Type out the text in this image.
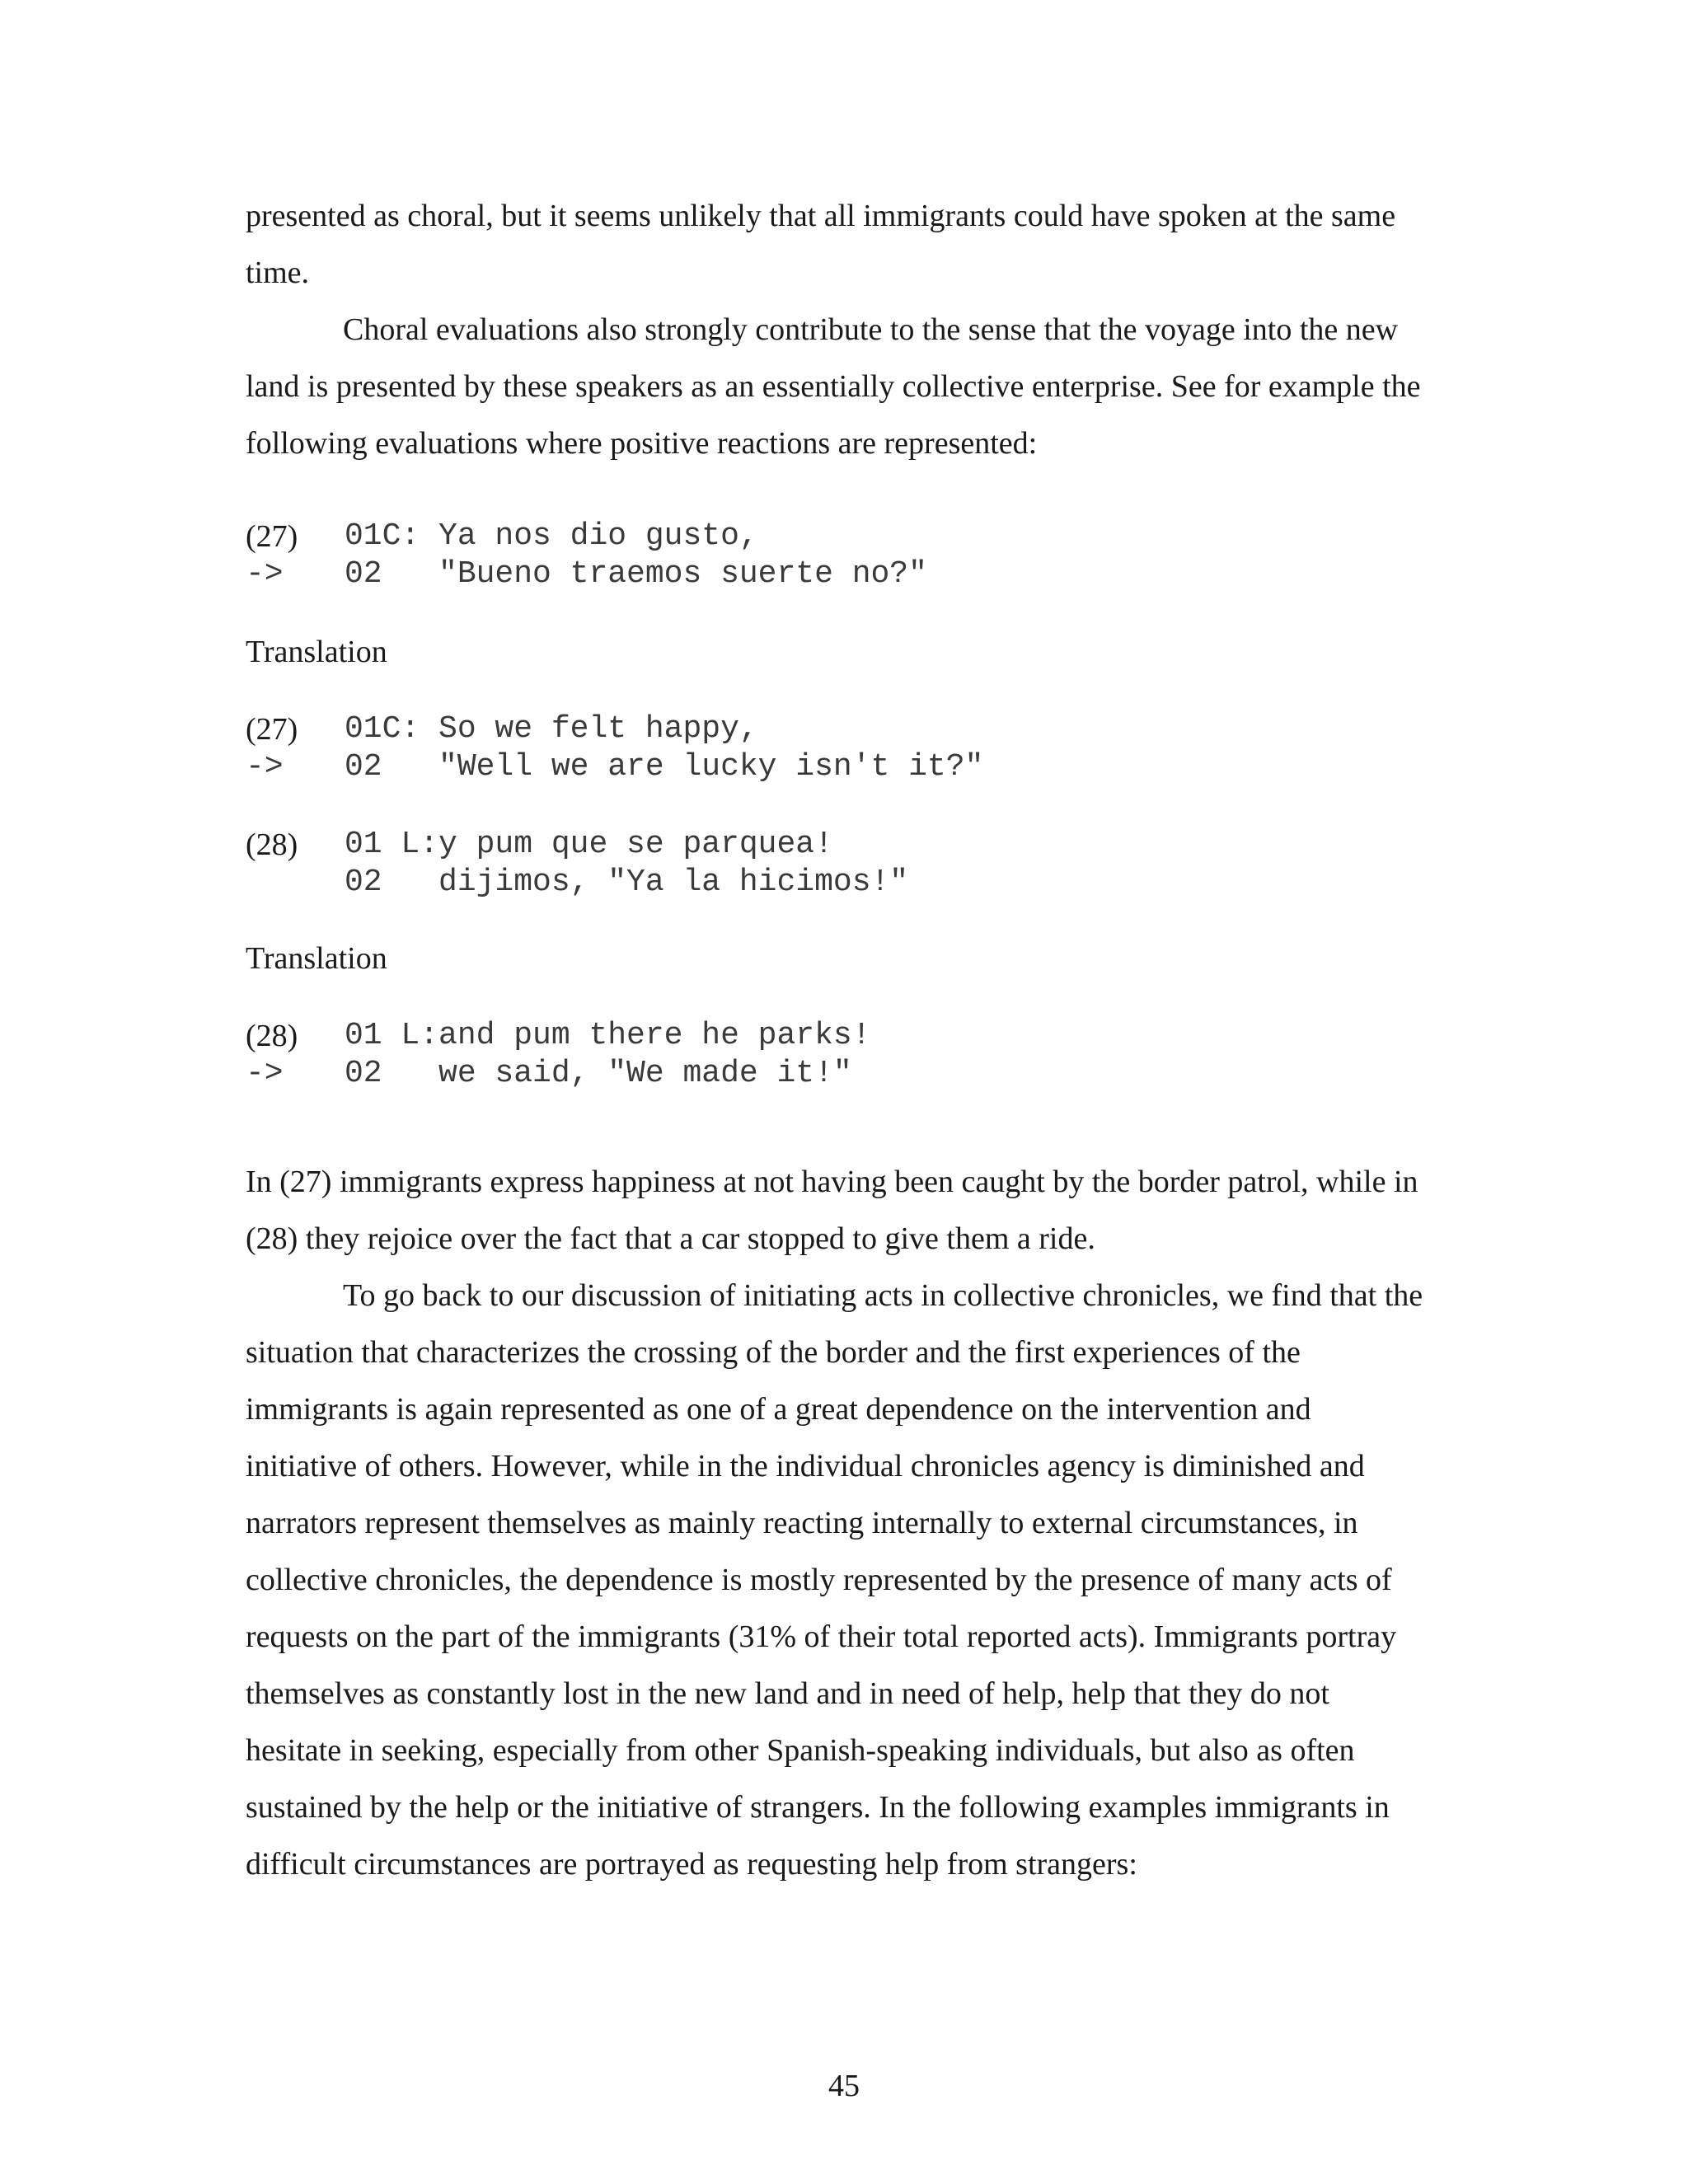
presented as choral, but it seems unlikely that all immigrants could have spoken at the same time.

Choral evaluations also strongly contribute to the sense that the voyage into the new land is presented by these speakers as an essentially collective enterprise. See for example the following evaluations where positive reactions are represented:

(27) 01C: Ya nos dio gusto,
-> 02   "Bueno traemos suerte no?"
Translation
(27) 01C: So we felt happy,
-> 02   "Well we are lucky isn't it?"
(28) 01 L:y pum que se parquea!
02   dijimos, "Ya la hicimos!"
Translation
(28) 01 L:and pum there he parks!
-> 02   we said, "We made it!"

In (27) immigrants express happiness at not having been caught by the border patrol, while in (28) they rejoice over the fact that a car stopped to give them a ride.

To go back to our discussion of initiating acts in collective chronicles, we find that the situation that characterizes the crossing of the border and the first experiences of the immigrants is again represented as one of a great dependence on the intervention and initiative of others. However, while in the individual chronicles agency is diminished and narrators represent themselves as mainly reacting internally to external circumstances, in collective chronicles, the dependence is mostly represented by the presence of many acts of requests on the part of the immigrants (31% of their total reported acts). Immigrants portray themselves as constantly lost in the new land and in need of help, help that they do not hesitate in seeking, especially from other Spanish-speaking individuals, but also as often sustained by the help or the initiative of strangers. In the following examples immigrants in difficult circumstances are portrayed as requesting help from strangers:

45
